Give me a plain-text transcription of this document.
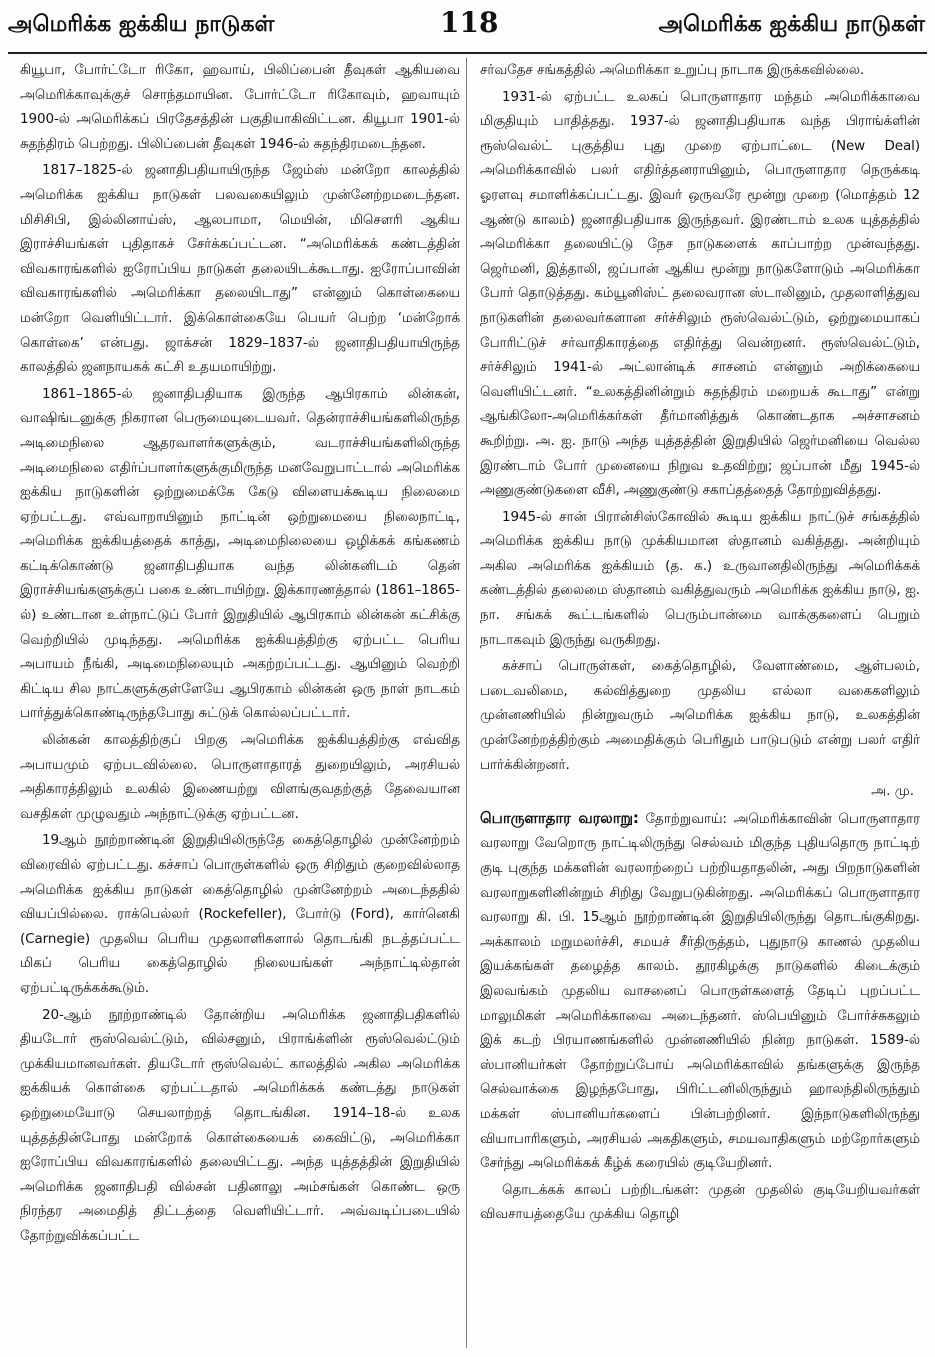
அமெரிக்க ஐக்கிய நாடுகள்	118	அமெரிக்க ஐக்கிய நாடுகள்

கியூபா, போர்ட்டோ ரிகோ, ஹவாய், பிலிப்பைன் தீவுகள் ஆகியவை அமெரிக்காவுக்குச் சொந்தமாயின. போர்ட்டோ ரிகோவும், ஹவாயும் 1900-ல் அமெரிக்கப் பிரதேசத்தின் பகுதியாகிவிட்டன. கியூபா 1901-ல் சுதந்திரம் பெற்றது. பிலிப்பைன் தீவுகள் 1946-ல் சுதந்திரமடைந்தன.

1817–1825-ல் ஜனாதிபதியாயிருந்த ஜேம்ஸ் மன்றோ காலத்தில் அமெரிக்க ஐக்கிய நாடுகள் பலவகையிலும் முன்னேற்றமடைந்தன. மிசிசிபி, இல்லினாய்ஸ், ஆலபாமா, மெயின், மிசௌரி ஆகிய இராச்சியங்கள் புதிதாகச் சேர்க்கப்பட்டன. “அமெரிக்கக் கண்டத்தின் விவகாரங்களில் ஐரோப்பிய நாடுகள் தலையிடக்கூடாது. ஐரோப்பாவின் விவகாரங்களில் அமெரிக்கா தலையிடாது” என்னும் கொள்கையை மன்றோ வெளியிட்டார். இக்கொள்கையே பெயர் பெற்ற ‘மன்றோக் கொள்கை’ என்பது. ஜாக்சன் 1829–1837-ல் ஜனாதிபதியாயிருந்த காலத்தில் ஜனநாயகக் கட்சி உதயமாயிற்று.

1861–1865-ல் ஜனாதிபதியாக இருந்த ஆபிரகாம் லின்கன், வாஷிங்டனுக்கு நிகரான பெருமையுடையவர். தென்ராச்சியங்களிலிருந்த அடிமைநிலை ஆதரவாளர்களுக்கும், வடராச்சியங்களிலிருந்த அடிமைநிலை எதிர்ப்பாளர்களுக்குமிருந்த மனவேறுபாட்டால் அமெரிக்க ஐக்கிய நாடுகளின் ஒற்றுமைக்கே கேடு விளையக்கூடிய நிலைமை ஏற்பட்டது. எவ்வாறாயினும் நாட்டின் ஒற்றுமையை நிலைநாட்டி, அமெரிக்க ஐக்கியத்தைக் காத்து, அடிமைநிலையை ஒழிக்கக் கங்கணம் கட்டிக்கொண்டு ஜனாதிபதியாக வந்த லின்கனிடம் தென் இராச்சியங்களுக்குப் பகை உண்டாயிற்று. இக்காரணத்தால் (1861–1865-ல்) உண்டான உள்நாட்டுப் போர் இறுதியில் ஆபிரகாம் லின்கன் கட்சிக்கு வெற்றியில் முடிந்தது. அமெரிக்க ஐக்கியத்திற்கு ஏற்பட்ட பெரிய அபாயம் நீங்கி, அடிமைநிலையும் அகற்றப்பட்டது. ஆயினும் வெற்றி கிட்டிய சில நாட்களுக்குள்ளேயே ஆபிரகாம் லின்கன் ஒரு நாள் நாடகம் பார்த்துக்கொண்டிருந்தபோது சுட்டுக் கொல்லப்பட்டார்.

லின்கன் காலத்திற்குப் பிறகு அமெரிக்க ஐக்கியத்திற்கு எவ்வித அபாயமும் ஏற்படவில்லை. பொருளாதாரத் துறையிலும், அரசியல் அதிகாரத்திலும் உலகில் இணையற்று விளங்குவதற்குத் தேவையான வசதிகள் முழுவதும் அந்நாட்டுக்கு ஏற்பட்டன.

19ஆம் நூற்றாண்டின் இறுதியிலிருந்தே கைத்தொழில் முன்னேற்றம் விரைவில் ஏற்பட்டது. கச்சாப் பொருள்களில் ஒரு சிறிதும் குறைவில்லாத அமெரிக்க ஐக்கிய நாடுகள் கைத்தொழில் முன்னேற்றம் அடைந்ததில் வியப்பில்லை. ராக்பெல்லர் (Rockefeller), போர்டு (Ford), கார்னெகி (Carnegie) முதலிய பெரிய முதலாளிகளால் தொடங்கி நடத்தப்பட்ட மிகப் பெரிய கைத்தொழில் நிலையங்கள் அந்நாட்டில்தான் ஏற்பட்டிருக்கக்கூடும்.

20-ஆம் நூற்றாண்டில் தோன்றிய அமெரிக்க ஜனாதிபதிகளில் தியடோர் ரூஸ்வெல்ட்டும், வில்சனும், பிராங்க்ளின் ரூஸ்வெல்ட்டும் முக்கியமானவர்கள். தியடோர் ரூஸ்வெல்ட் காலத்தில் அகில அமெரிக்க ஐக்கியக் கொள்கை ஏற்பட்டதால் அமெரிக்கக் கண்டத்து நாடுகள் ஒற்றுமையோடு செயலாற்றத் தொடங்கின. 1914–18-ல் உலக யுத்தத்தின்போது மன்றோக் கொள்கையைக் கைவிட்டு, அமெரிக்கா ஐரோப்பிய விவகாரங்களில் தலையிட்டது. அந்த யுத்தத்தின் இறுதியில் அமெரிக்க ஜனாதிபதி வில்சன் பதினாலு அம்சங்கள் கொண்ட ஒரு நிரந்தர அமைதித் திட்டத்தை வெளியிட்டார். அவ்வடிப்படையில் தோற்றுவிக்கப்பட்ட

சர்வதேச சங்கத்தில் அமெரிக்கா உறுப்பு நாடாக இருக்கவில்லை.

1931-ல் ஏற்பட்ட உலகப் பொருளாதார மந்தம் அமெரிக்காவை மிகுதியும் பாதித்தது. 1937-ல் ஜனாதிபதியாக வந்த பிராங்க்ளின் ரூஸ்வெல்ட் புகுத்திய புது முறை ஏற்பாட்டை (New Deal) அமெரிக்காவில் பலர் எதிர்த்தனராயினும், பொருளாதார நெருக்கடி ஓரளவு சமாளிக்கப்பட்டது. இவர் ஒருவரே மூன்று முறை (மொத்தம் 12 ஆண்டு காலம்) ஜனாதிபதியாக இருந்தவர். இரண்டாம் உலக யுத்தத்தில் அமெரிக்கா தலையிட்டு நேச நாடுகளைக் காப்பாற்ற முன்வந்தது. ஜெர்மனி, இத்தாலி, ஜப்பான் ஆகிய மூன்று நாடுகளோடும் அமெரிக்கா போர் தொடுத்தது. கம்யூனிஸ்ட் தலைவரான ஸ்டாலினும், முதலாளித்துவ நாடுகளின் தலைவர்களான சர்ச்சிலும் ரூஸ்வெல்ட்டும், ஒற்றுமையாகப் போரிட்டுச் சர்வாதிகாரத்தை எதிர்த்து வென்றனர். ரூஸ்வெல்ட்டும், சர்ச்சிலும் 1941-ல் அட்லான்டிக் சாசனம் என்னும் அறிக்கையை வெளியிட்டனர். “உலகத்தினின்றும் சுதந்திரம் மறையக் கூடாது” என்று ஆங்கிலோ-அமெரிக்கர்கள் தீர்மானித்துக் கொண்டதாக அச்சாசனம் கூறிற்று. அ. ஐ. நாடு அந்த யுத்தத்தின் இறுதியில் ஜெர்மனியை வெல்ல இரண்டாம் போர் முனையை நிறுவ உதவிற்று; ஜப்பான் மீது 1945-ல் அணுகுண்டுகளை வீசி, அணுகுண்டு சகாப்தத்தைத் தோற்றுவித்தது.

1945-ல் சான் பிரான்சிஸ்கோவில் கூடிய ஐக்கிய நாட்டுச் சங்கத்தில் அமெரிக்க ஐக்கிய நாடு முக்கியமான ஸ்தானம் வகித்தது. அன்றியும் அகில அமெரிக்க ஐக்கியம் (த. க.) உருவானதிலிருந்து அமெரிக்கக் கண்டத்தில் தலைமை ஸ்தானம் வகித்துவரும் அமெரிக்க ஐக்கிய நாடு, ஐ. நா. சங்கக் கூட்டங்களில் பெரும்பான்மை வாக்குகளைப் பெறும் நாடாகவும் இருந்து வருகிறது.

கச்சாப் பொருள்கள், கைத்தொழில், வேளாண்மை, ஆள்பலம், படைவலிமை, கல்வித்துறை முதலிய எல்லா வகைகளிலும் முன்னணியில் நின்றுவரும் அமெரிக்க ஐக்கிய நாடு, உலகத்தின் முன்னேற்றத்திற்கும் அமைதிக்கும் பெரிதும் பாடுபடும் என்று பலர் எதிர் பார்க்கின்றனர்.

அ. மு.

பொருளாதார வரலாறு: தோற்றுவாய்: அமெரிக்காவின் பொருளாதார வரலாறு வேறொரு நாட்டிலிருந்து செல்வம் மிகுந்த புதியதொரு நாட்டிற் குடி புகுந்த மக்களின் வரலாற்றைப் பற்றியதாதலின், அது பிறநாடுகளின் வரலாறுகளினின்றும் சிறிது வேறுபடுகின்றது. அமெரிக்கப் பொருளாதார வரலாறு கி. பி. 15ஆம் நூற்றாண்டின் இறுதியிலிருந்து தொடங்குகிறது. அக்காலம் மறுமலர்ச்சி, சமயச் சீர்திருத்தம், புதுநாடு காணல் முதலிய இயக்கங்கள் தழைத்த காலம். தூரகிழக்கு நாடுகளில் கிடைக்கும் இலவங்கம் முதலிய வாசனைப் பொருள்களைத் தேடிப் புறப்பட்ட மாலுமிகள் அமெரிக்காவை அடைந்தனர். ஸ்பெயினும் போர்ச்சுகலும் இக் கடற் பிரயாணங்களில் முன்னணியில் நின்ற நாடுகள். 1589-ல் ஸ்பானியர்கள் தோற்றுப்போய் அமெரிக்காவில் தங்களுக்கு இருந்த செல்வாக்கை இழந்தபோது, பிரிட்டனிலிருந்தும் ஹாலந்திலிருந்தும் மக்கள் ஸ்பானியர்களைப் பின்பற்றினர். இந்நாடுகளிலிருந்து வியாபாரிகளும், அரசியல் அகதிகளும், சமயவாதிகளும் மற்றோர்களும் சேர்ந்து அமெரிக்கக் கீழ்க் கரையில் குடியேறினர்.

தொடக்கக் காலப் பற்றிடங்கள்: முதன் முதலில் குடியேறியவர்கள் விவசாயத்தையே முக்கிய தொழி
